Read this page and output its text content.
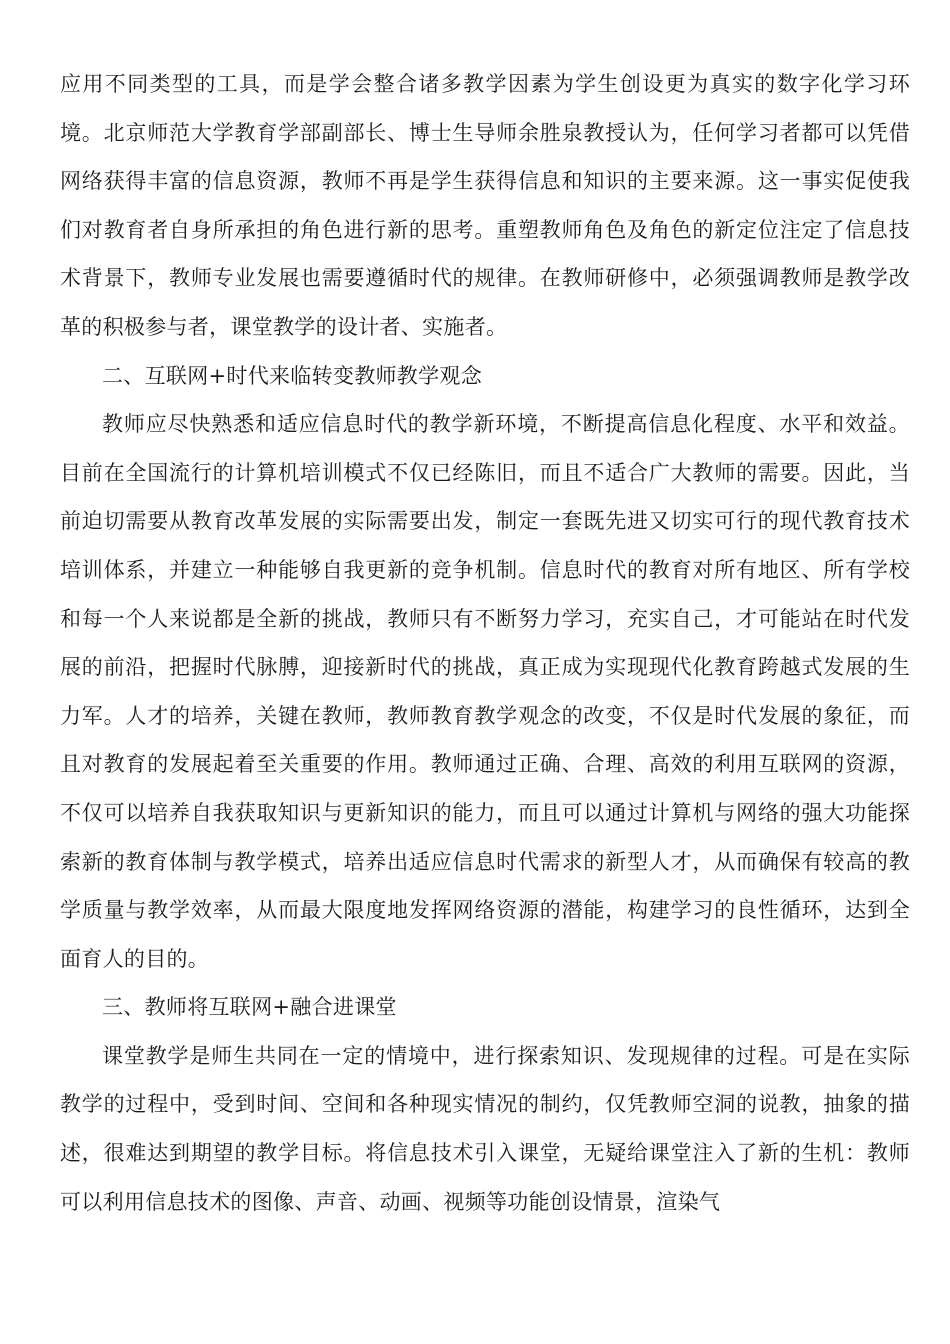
应用不同类型的工具，而是学会整合诸多教学因素为学生创设更为真实的数字化学习环境。北京师范大学教育学部副部长、博士生导师余胜泉教授认为，任何学习者都可以凭借网络获得丰富的信息资源，教师不再是学生获得信息和知识的主要来源。这一事实促使我们对教育者自身所承担的角色进行新的思考。重塑教师角色及角色的新定位注定了信息技术背景下，教师专业发展也需要遵循时代的规律。在教师研修中，必须强调教师是教学改革的积极参与者，课堂教学的设计者、实施者。

二、互联网+时代来临转变教师教学观念

教师应尽快熟悉和适应信息时代的教学新环境，不断提高信息化程度、水平和效益。目前在全国流行的计算机培训模式不仅已经陈旧，而且不适合广大教师的需要。因此，当前迫切需要从教育改革发展的实际需要出发，制定一套既先进又切实可行的现代教育技术培训体系，并建立一种能够自我更新的竞争机制。信息时代的教育对所有地区、所有学校和每一个人来说都是全新的挑战，教师只有不断努力学习，充实自己，才可能站在时代发展的前沿，把握时代脉膊，迎接新时代的挑战，真正成为实现现代化教育跨越式发展的生力军。人才的培养，关键在教师，教师教育教学观念的改变，不仅是时代发展的象征，而且对教育的发展起着至关重要的作用。教师通过正确、合理、高效的利用互联网的资源，不仅可以培养自我获取知识与更新知识的能力，而且可以通过计算机与网络的强大功能探索新的教育体制与教学模式，培养出适应信息时代需求的新型人才，从而确保有较高的教学质量与教学效率，从而最大限度地发挥网络资源的潜能，构建学习的良性循环，达到全面育人的目的。

三、教师将互联网+融合进课堂

课堂教学是师生共同在一定的情境中，进行探索知识、发现规律的过程。可是在实际教学的过程中，受到时间、空间和各种现实情况的制约，仅凭教师空洞的说教，抽象的描述，很难达到期望的教学目标。将信息技术引入课堂，无疑给课堂注入了新的生机：教师可以利用信息技术的图像、声音、动画、视频等功能创设情景，渲染气
